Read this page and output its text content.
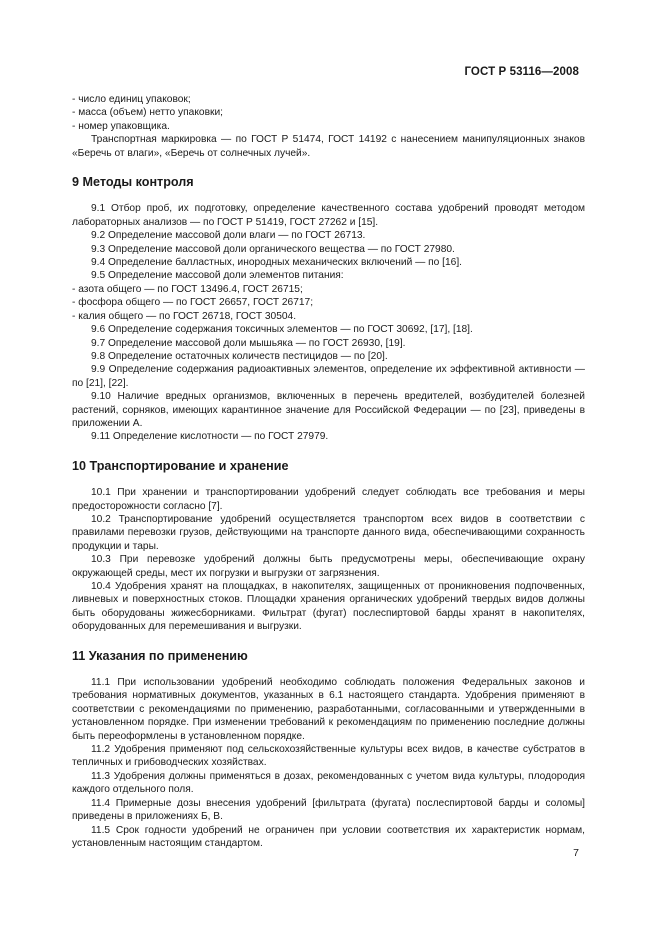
ГОСТ Р 53116—2008

- число единиц упаковок;

- масса (объем) нетто упаковки;

- номер упаковщика.

Транспортная маркировка — по ГОСТ Р 51474, ГОСТ 14192 с нанесением манипуляционных знаков «Беречь от влаги», «Беречь от солнечных лучей».

9 Методы контроля

9.1 Отбор проб, их подготовку, определение качественного состава удобрений проводят методом лабораторных анализов — по ГОСТ Р 51419, ГОСТ 27262 и [15].

9.2 Определение массовой доли влаги — по ГОСТ 26713.

9.3 Определение массовой доли органического вещества — по ГОСТ 27980.

9.4 Определение балластных, инородных механических включений — по [16].

9.5 Определение массовой доли элементов питания:

- азота общего — по ГОСТ 13496.4, ГОСТ 26715;

- фосфора общего — по ГОСТ 26657, ГОСТ 26717;

- калия общего — по ГОСТ 26718, ГОСТ 30504.

9.6 Определение содержания токсичных элементов — по ГОСТ 30692, [17], [18].

9.7 Определение массовой доли мышьяка — по ГОСТ 26930, [19].

9.8 Определение остаточных количеств пестицидов — по [20].

9.9 Определение содержания радиоактивных элементов, определение их эффективной активности — по [21], [22].

9.10 Наличие вредных организмов, включенных в перечень вредителей, возбудителей болезней растений, сорняков, имеющих карантинное значение для Российской Федерации — по [23], приведены в приложении А.

9.11 Определение кислотности — по ГОСТ 27979.

10 Транспортирование и хранение

10.1 При хранении и транспортировании удобрений следует соблюдать все требования и меры предосторожности согласно [7].

10.2 Транспортирование удобрений осуществляется транспортом всех видов в соответствии с правилами перевозки грузов, действующими на транспорте данного вида, обеспечивающими сохранность продукции и тары.

10.3 При перевозке удобрений должны быть предусмотрены меры, обеспечивающие охрану окружающей среды, мест их погрузки и выгрузки от загрязнения.

10.4 Удобрения хранят на площадках, в накопителях, защищенных от проникновения подпочвенных, ливневых и поверхностных стоков. Площадки хранения органических удобрений твердых видов должны быть оборудованы жижесборниками. Фильтрат (фугат) послеспиртовой барды хранят в накопителях, оборудованных для перемешивания и выгрузки.

11 Указания по применению

11.1 При использовании удобрений необходимо соблюдать положения Федеральных законов и требования нормативных документов, указанных в 6.1 настоящего стандарта. Удобрения применяют в соответствии с рекомендациями по применению, разработанными, согласованными и утвержденными в установленном порядке. При изменении требований к рекомендациям по применению последние должны быть переоформлены в установленном порядке.

11.2 Удобрения применяют под сельскохозяйственные культуры всех видов, в качестве субстратов в тепличных и грибоводческих хозяйствах.

11.3 Удобрения должны применяться в дозах, рекомендованных с учетом вида культуры, плодородия каждого отдельного поля.

11.4 Примерные дозы внесения удобрений [фильтрата (фугата) послеспиртовой барды и соломы] приведены в приложениях Б, В.

11.5 Срок годности удобрений не ограничен при условии соответствия их характеристик нормам, установленным настоящим стандартом.

7
